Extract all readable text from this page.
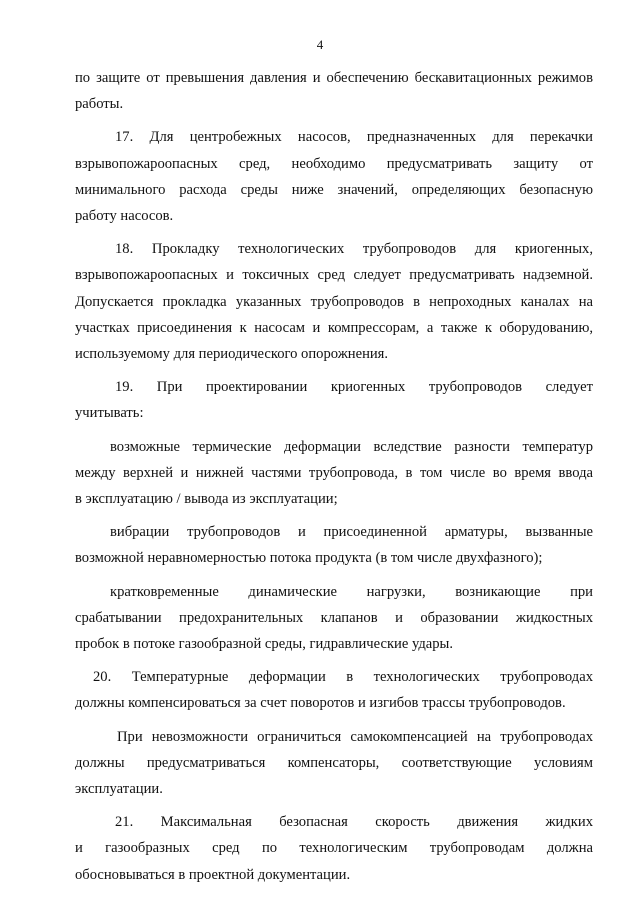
4
по защите от превышения давления и обеспечению бескавитационных режимов
работы.
17. Для центробежных насосов, предназначенных для перекачки
взрывопожароопасных сред, необходимо предусматривать защиту от
минимального расхода среды ниже значений, определяющих безопасную
работу насосов.
18. Прокладку технологических трубопроводов для криогенных,
взрывопожароопасных и токсичных сред следует предусматривать надземной.
Допускается прокладка указанных трубопроводов в непроходных каналах на
участках присоединения к насосам и компрессорам, а также к оборудованию,
используемому для периодического опорожнения.
19. При проектировании криогенных трубопроводов следует
учитывать:
возможные термические деформации вследствие разности температур
между верхней и нижней частями трубопровода, в том числе во время ввода
в эксплуатацию / вывода из эксплуатации;
вибрации трубопроводов и присоединенной арматуры, вызванные
возможной неравномерностью потока продукта (в том числе двухфазного);
кратковременные динамические нагрузки, возникающие при
срабатывании предохранительных клапанов и образовании жидкостных
пробок в потоке газообразной среды, гидравлические удары.
20. Температурные деформации в технологических трубопроводах
должны компенсироваться за счет поворотов и изгибов трассы трубопроводов.
При невозможности ограничиться самокомпенсацией на трубопроводах
должны предусматриваться компенсаторы, соответствующие условиям
эксплуатации.
21. Максимальная безопасная скорость движения жидких
и газообразных сред по технологическим трубопроводам должна
обосновываться в проектной документации.
